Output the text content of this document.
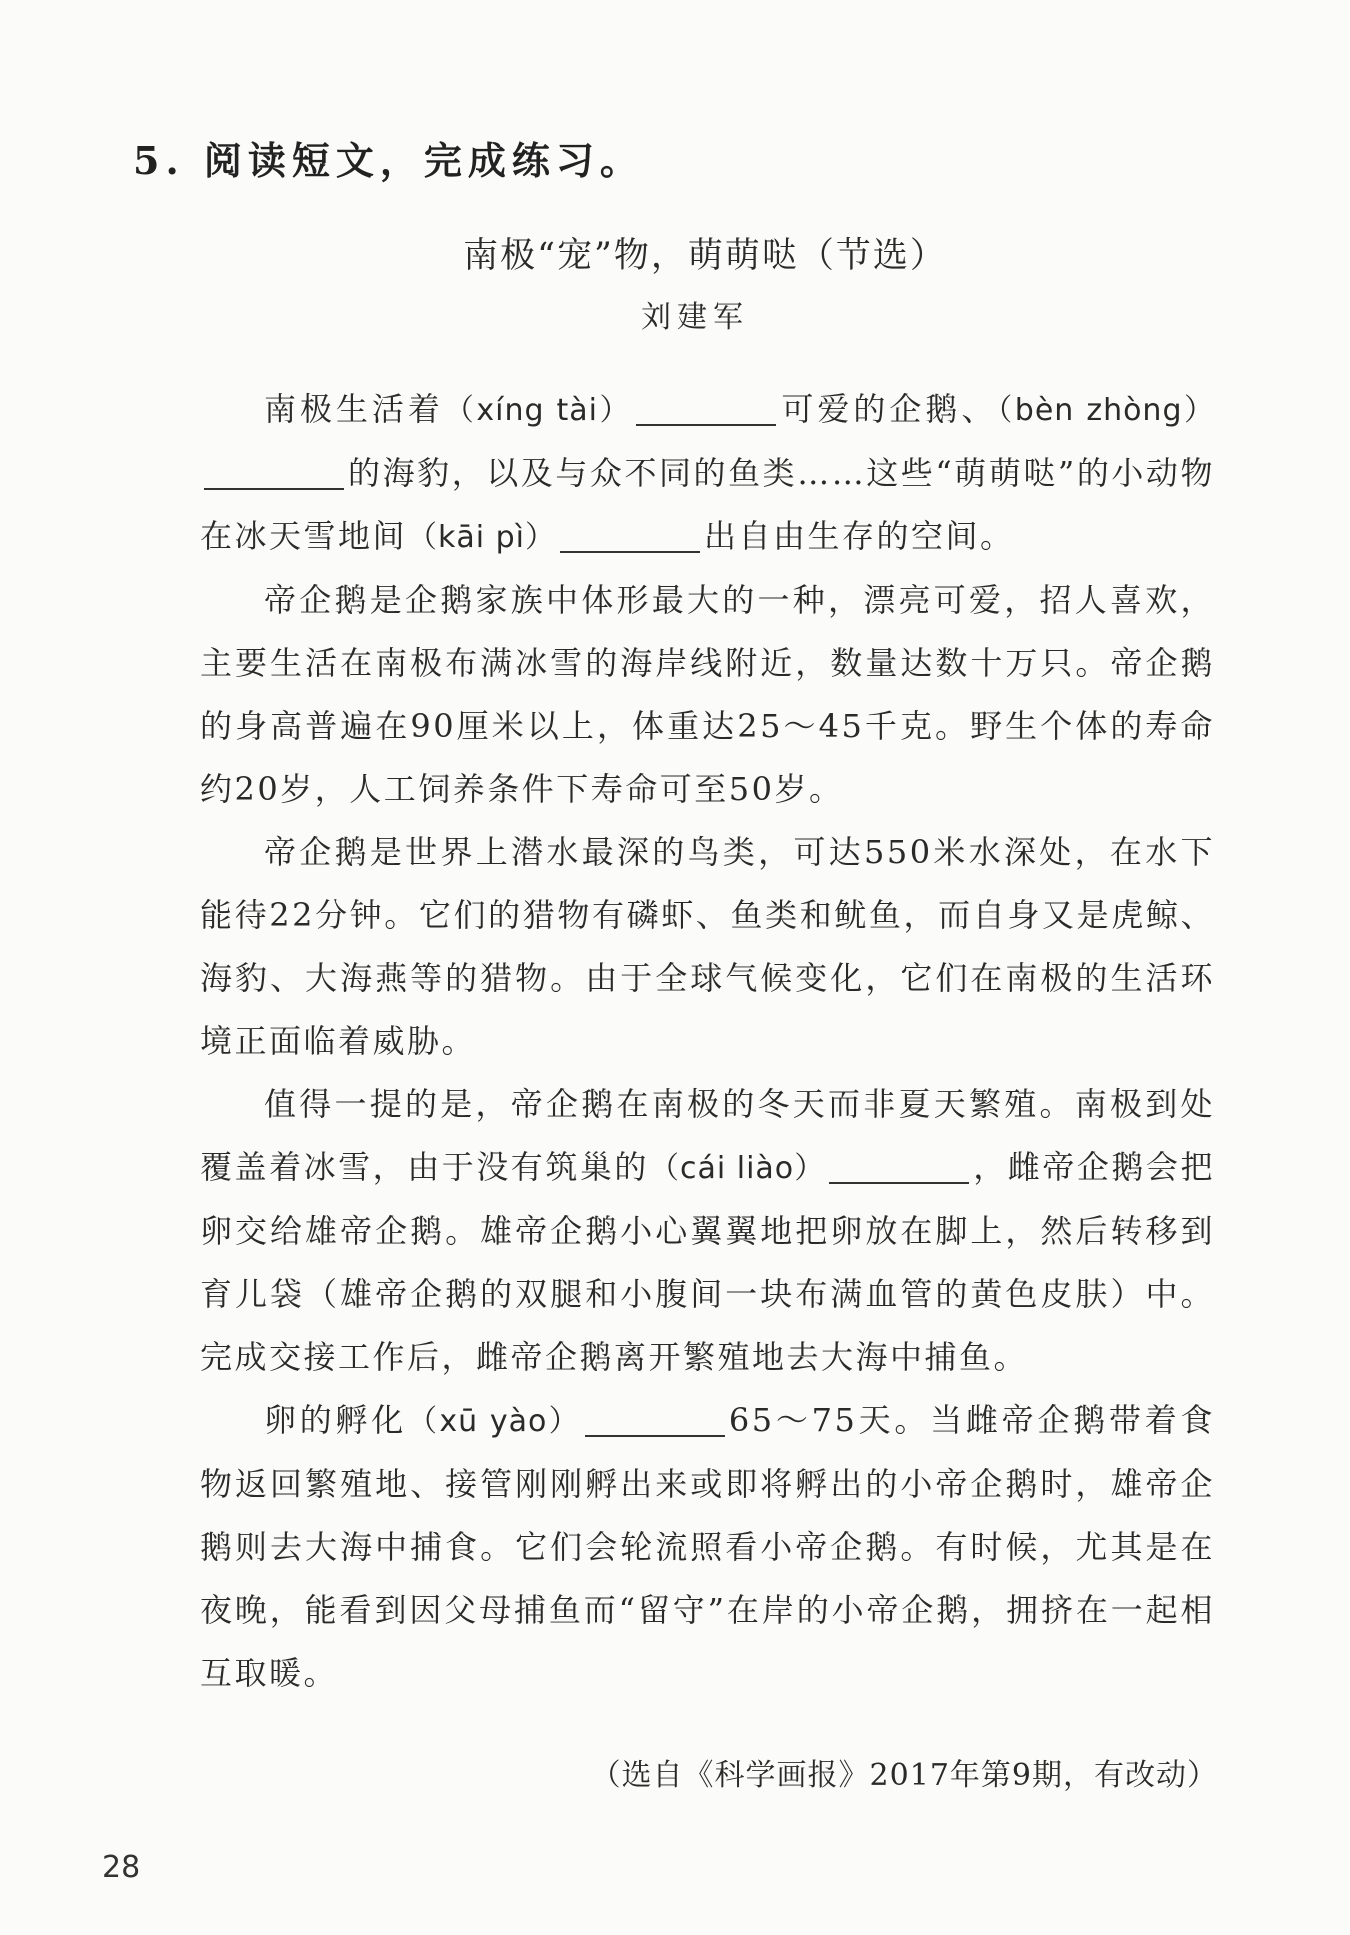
5. 阅读短文，完成练习。
南极“宠”物，萌萌哒（节选）
刘建军

南极生活着（xíng tài）	可爱的企鹅、（bèn zhòng）的海豹，以及与众不同的鱼类……这些“萌萌哒”的小动物在冰天雪地间（kāi pì）	出自由生存的空间。

帝企鹅是企鹅家族中体形最大的一种，漂亮可爱，招人喜欢，主要生活在南极布满冰雪的海岸线附近，数量达数十万只。帝企鹅的身高普遍在90厘米以上，体重达25～45千克。野生个体的寿命约20岁，人工饲养条件下寿命可至50岁。

帝企鹅是世界上潜水最深的鸟类，可达550米水深处，在水下能待22分钟。它们的猎物有磷虾、鱼类和鱿鱼，而自身又是虎鲸、海豹、大海燕等的猎物。由于全球气候变化，它们在南极的生活环境正面临着威胁。

值得一提的是，帝企鹅在南极的冬天而非夏天繁殖。南极到处覆盖着冰雪，由于没有筑巢的（cái liào）	，雌帝企鹅会把卵交给雄帝企鹅。雄帝企鹅小心翼翼地把卵放在脚上，然后转移到育儿袋（雄帝企鹅的双腿和小腹间一块布满血管的黄色皮肤）中。完成交接工作后，雌帝企鹅离开繁殖地去大海中捕鱼。

卵的孵化（xū yào）	65～75天。当雌帝企鹅带着食物返回繁殖地、接管刚刚孵出来或即将孵出的小帝企鹅时，雄帝企鹅则去大海中捕食。它们会轮流照看小帝企鹅。有时候，尤其是在夜晚，能看到因父母捕鱼而“留守”在岸的小帝企鹅，拥挤在一起相互取暖。

（选自《科学画报》2017年第9期，有改动）
28
